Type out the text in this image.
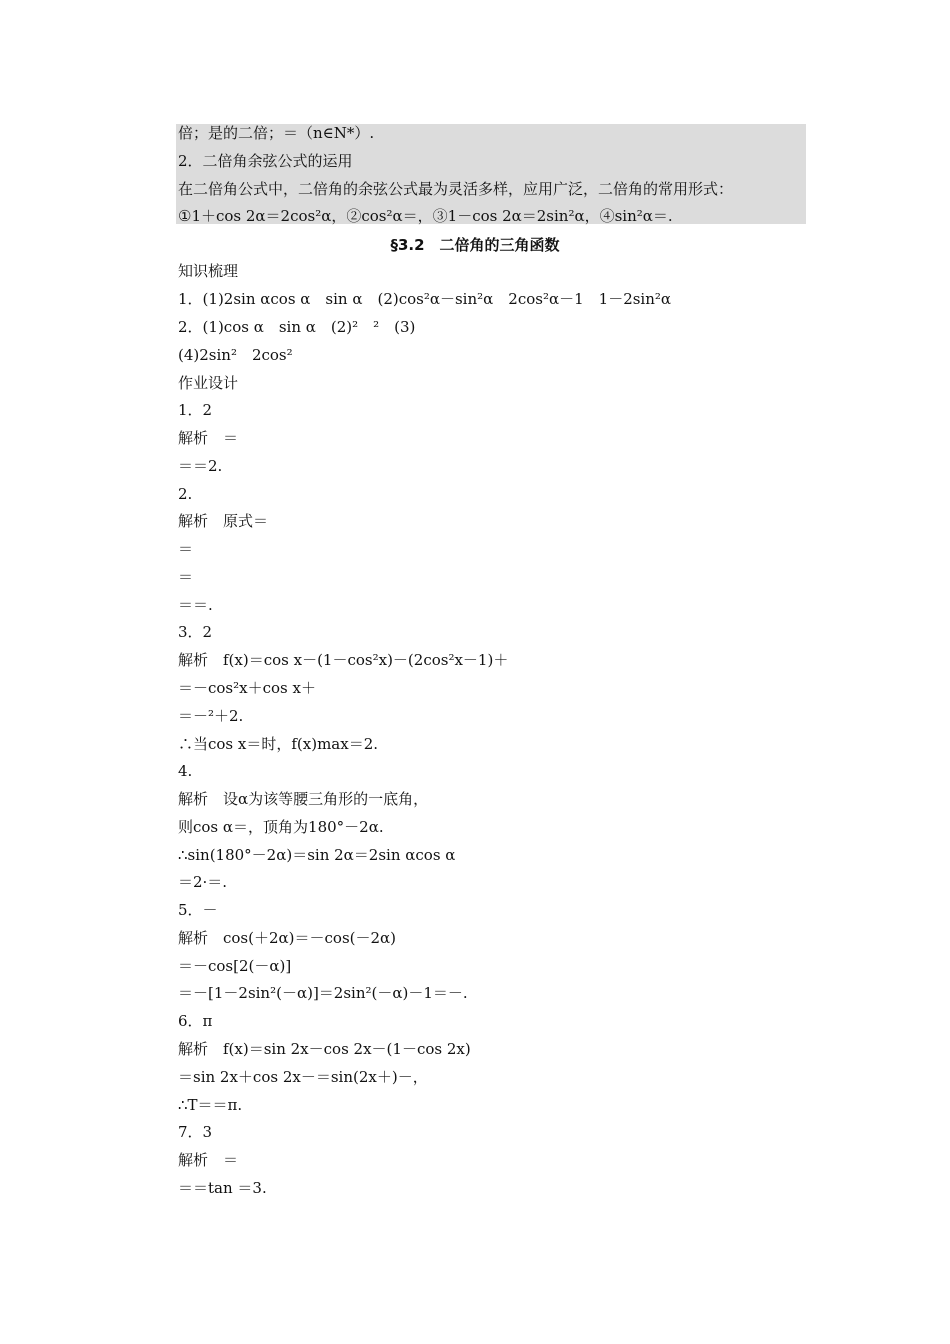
倍；是的二倍；＝（n∈N*）.
2．二倍角余弦公式的运用
在二倍角公式中，二倍角的余弦公式最为灵活多样，应用广泛，二倍角的常用形式：
①1＋cos 2α＝2cos²α，②cos²α＝，③1－cos 2α＝2sin²α，④sin²α＝.
§3.2　二倍角的三角函数
知识梳理
1．(1)2sin αcos α　sin α　(2)cos²α－sin²α　2cos²α－1　1－2sin²α
2．(1)cos α　sin α　(2)²　²　(3)
(4)2sin²　2cos²
作业设计
1．2
解析　＝
＝＝2.
2.
解析　原式＝
＝
＝
＝＝.
3．2
解析　f(x)＝cos x－(1－cos²x)－(2cos²x－1)＋
＝－cos²x＋cos x＋
＝－²＋2.
∴当cos x＝时，f(x)max＝2.
4.
解析　设α为该等腰三角形的一底角，
则cos α＝，顶角为180°－2α.
∴sin(180°－2α)＝sin 2α＝2sin αcos α
＝2·＝.
5．－
解析　cos(＋2α)＝－cos(－2α)
＝－cos[2(－α)]
＝－[1－2sin²(－α)]＝2sin²(－α)－1＝－.
6．π
解析　f(x)＝sin 2x－cos 2x－(1－cos 2x)
＝sin 2x＋cos 2x－＝sin(2x＋)－，
∴T＝＝π.
7．3
解析　＝
＝＝tan ＝3.
